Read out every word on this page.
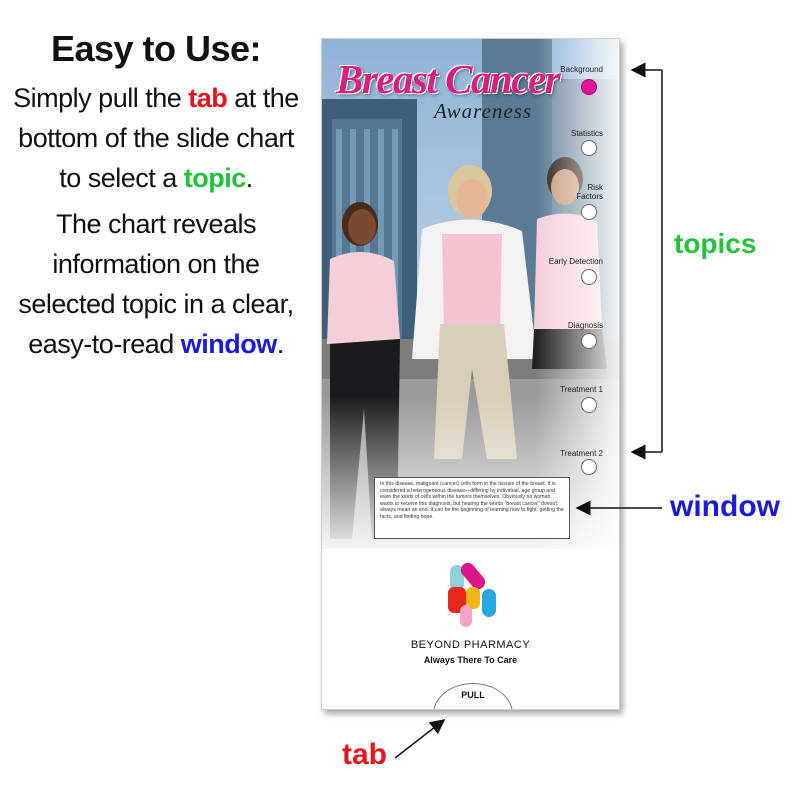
Easy to Use:

Simply pull the tab at the bottom of the slide chart to select a topic.

The chart reveals information on the selected topic in a clear, easy-to-read window.

Breast Cancer
Awareness
Background
Statistics
Risk Factors
Early Detection
Diagnosis
Treatment 1
Treatment 2
In this disease, malignant (cancer) cells form in the tissues of the breast. It is considered a heterogeneous disease—differing by individual, age group and even the kinds of cells within the tumors themselves. Obviously no woman wants to receive this diagnosis, but hearing the words "breast cancer" doesn't always mean an end. It can be the beginning of learning how to fight, getting the facts, and finding hope.
BEYOND PHARMACY
Always There To Care
PULL
topics
window
tab
